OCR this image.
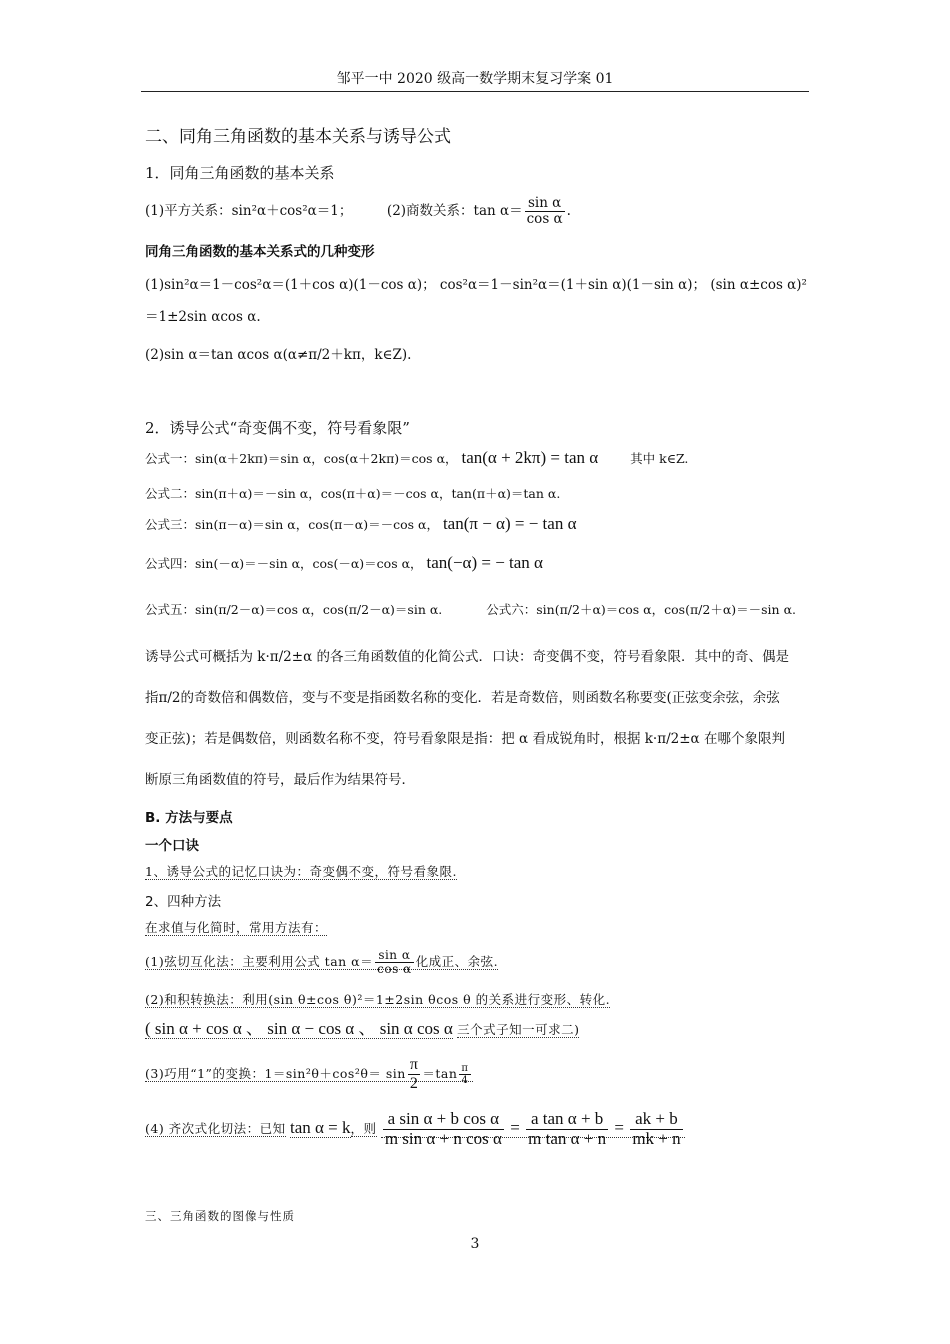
邹平一中 2020 级高一数学期末复习学案 01
二、同角三角函数的基本关系与诱导公式
1．同角三角函数的基本关系
(1)平方关系：sin²α＋cos²α＝1；	(2)商数关系：$\tan \alpha= \frac{\text{sin α}}{\text{cos α}}$ .
同角三角函数的基本关系式的几种变形
(1)sin²α＝1－cos²α＝(1＋cos α)(1－cos α)； cos²α＝1－sin²α＝(1＋sin α)(1－sin α)； (sin α±cos α)²
＝1±2sin αcos α.
(2)sin α＝tan αcos α(α≠π/2＋kπ，k∈Z).
2．诱导公式“奇变偶不变，符号看象限”
公式一：sin(α＋2kπ)＝sin α，cos(α＋2kπ)＝cos α， tan(α + 2kπ) = tan α	其中 k∈Z.
公式二：sin(π＋α)＝－sin α，cos(π＋α)＝－cos α，tan(π＋α)＝tan α.
公式三：sin(π－α)＝sin α，cos(π－α)＝－cos α， tan(π − α) = − tan α
公式四：sin(－α)＝－sin α，cos(－α)＝cos α， tan(−α) = − tan α
公式五：sin(π/2－α)＝cos α，cos(π/2－α)＝sin α.	公式六：sin(π/2＋α)＝cos α，cos(π/2＋α)＝－sin α.
诱导公式可概括为 k·π/2±α 的各三角函数值的化简公式．口诀：奇变偶不变，符号看象限．其中的奇、偶是
指π/2的奇数倍和偶数倍，变与不变是指函数名称的变化．若是奇数倍，则函数名称要变(正弦变余弦，余弦
变正弦)；若是偶数倍，则函数名称不变，符号看象限是指：把 α 看成锐角时，根据 k·π/2±α 在哪个象限判
断原三角函数值的符号，最后作为结果符号．
B. 方法与要点
一个口诀
1、诱导公式的记忆口诀为：奇变偶不变，符号看象限.
2、四种方法
在求值与化简时，常用方法有：
(1)弦切互化法：主要利用公式 $\tan \alpha= \frac{\text{sin α}}{\text{cos α}}$ 化成正、余弦.
(2)和积转换法：利用(sin θ±cos θ)²＝1±2sin θcos θ 的关系进行变形、转化.
( sin α + cos α 、 sin α − cos α 、 sin α cos α 三个式子知一可求二)
(3)巧用“1”的变换：$1=\sin^2\theta+\cos^2\theta= \sin \frac{\pi}{2} =\tan \frac{\pi}{4}$
(4) 齐次式化切法：已知 tan α = k，则 $\frac{\text{a sin α + b cos α}}{\text{m sin α + n cos α}} = \frac{\text{a tan α + b}}{\text{m tan α + n}} = \frac{ak + b}{mk + n}$
三、三角函数的图像与性质
3
